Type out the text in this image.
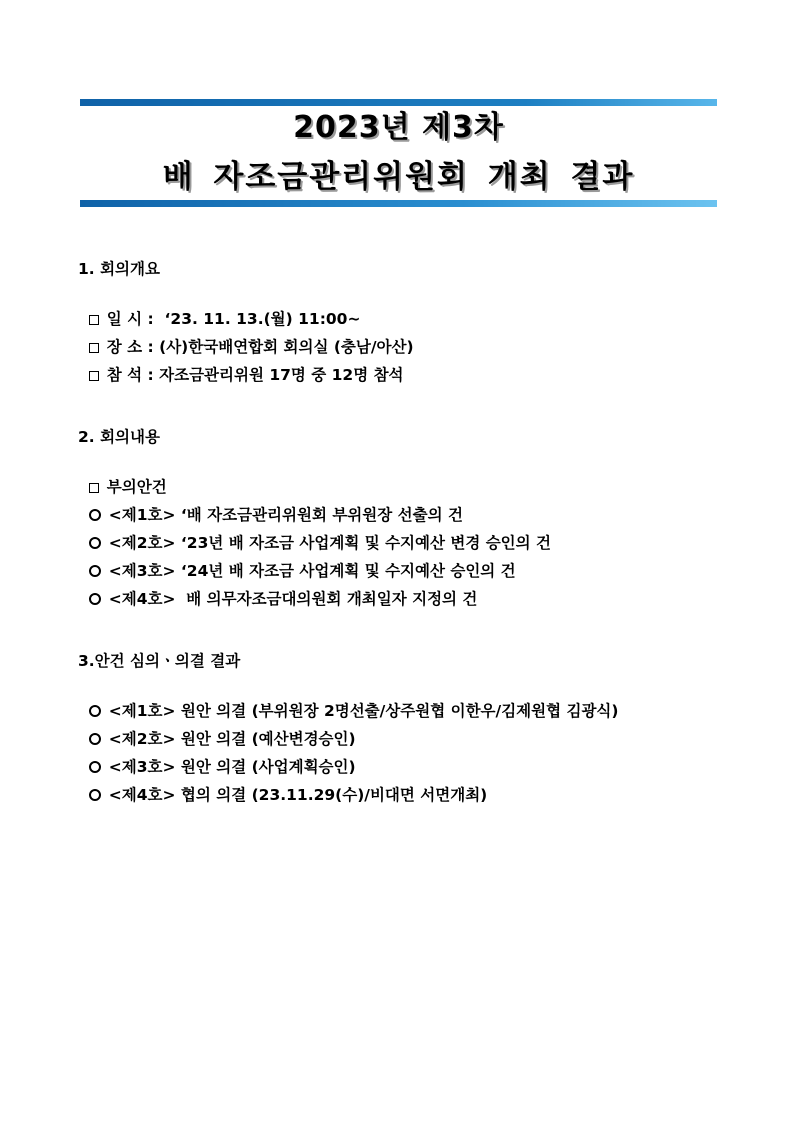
2023년 제3차
배 자조금관리위원회 개최 결과
1. 회의개요

일 시 :  ‘23. 11. 13.(월) 11:00~

장 소 : (사)한국배연합회 회의실 (충남/아산)

참 석 : 자조금관리위원 17명 중 12명 참석

2. 회의내용

부의안건

<제1호> ‘배 자조금관리위원회 부위원장 선출의 건

<제2호> ‘23년 배 자조금 사업계획 및 수지예산 변경 승인의 건

<제3호> ‘24년 배 자조금 사업계획 및 수지예산 승인의 건

<제4호>  배 의무자조금대의원회 개최일자 지정의 건

3.안건 심의ㆍ의결 결과

<제1호> 원안 의결 (부위원장 2명선출/상주원협 이한우/김제원협 김광식)

<제2호> 원안 의결 (예산변경승인)

<제3호> 원안 의결 (사업계획승인)

<제4호> 협의 의결 (23.11.29(수)/비대면 서면개최)
